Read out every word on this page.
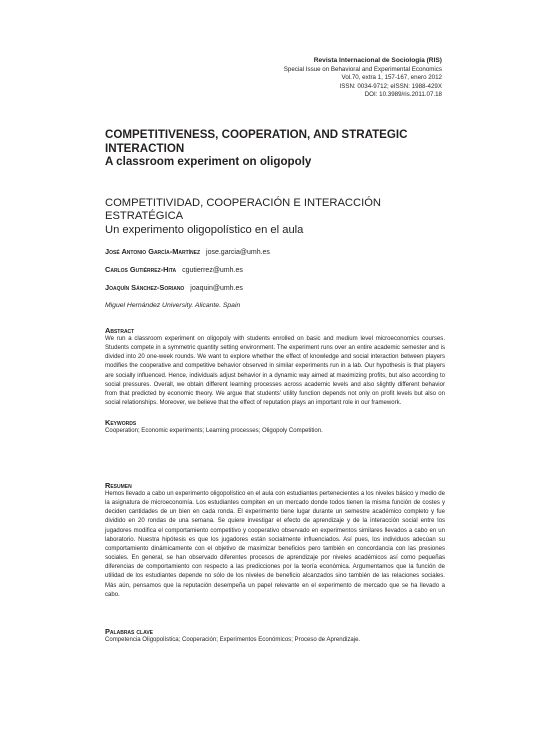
Revista Internacional de Sociología (RIS)
Special Issue on Behavioral and Experimental Economics
Vol.70, extra 1, 157-167, enero 2012
ISSN: 0034-9712; eISSN: 1988-429X
DOI: 10.3989/ris.2011.07.18
COMPETITIVENESS, COOPERATION, AND STRATEGIC INTERACTION
A classroom experiment on oligopoly
COMPETITIVIDAD, COOPERACIÓN E INTERACCIÓN ESTRATÉGICA
Un experimento oligopolístico en el aula
José Antonio García-Martínez jose.garcia@umh.es
Carlos Gutiérrez-Hita cgutierrez@umh.es
Joaquín Sánchez-Soriano joaquin@umh.es
Miguel Hernández University. Alicante. Spain
Abstract

We run a classroom experiment on oligopoly with students enrolled on basic and medium level microeconomics courses. Students compete in a symmetric quantity setting environment. The experiment runs over an entire academic semester and is divided into 20 one-week rounds. We want to explore whether the effect of knowledge and social interaction between players modifies the cooperative and competitive behavior observed in similar experiments run in a lab. Our hypothesis is that players are socially influenced. Hence, individuals adjust behavior in a dynamic way aimed at maximizing profits, but also according to social pressures. Overall, we obtain different learning processes across academic levels and also slightly different behavior from that predicted by economic theory. We argue that students' utility function depends not only on profit levels but also on social relationships. Moreover, we believe that the effect of reputation plays an important role in our framework.

Keywords

Cooperation; Economic experiments; Learning processes; Oligopoly Competition.

Resumen

Hemos llevado a cabo un experimento oligopolístico en el aula con estudiantes pertenecientes a los niveles básico y medio de la asignatura de microeconomía. Los estudiantes compiten en un mercado donde todos tienen la misma función de costes y deciden cantidades de un bien en cada ronda. El experimento tiene lugar durante un semestre académico completo y fue dividido en 20 rondas de una semana. Se quiere investigar el efecto de aprendizaje y de la interacción social entre los jugadores modifica el comportamiento competitivo y cooperativo observado en experimentos similares llevados a cabo en un laboratorio. Nuestra hipótesis es que los jugadores están socialmente influenciados. Así pues, los individuos adecúan su comportamiento dinámicamente con el objetivo de maximizar beneficios pero también en concordancia con las presiones sociales. En general, se han observado diferentes procesos de aprendizaje por niveles académicos así como pequeñas diferencias de comportamiento con respecto a las predicciones por la teoría económica. Argumentamos que la función de utilidad de los estudiantes depende no sólo de los niveles de beneficio alcanzados sino también de las relaciones sociales. Más aún, pensamos que la reputación desempeña un papel relevante en el experimento de mercado que se ha llevado a cabo.

Palabras clave

Competencia Oligopolística; Cooperación; Experimentos Económicos; Proceso de Aprendizaje.
